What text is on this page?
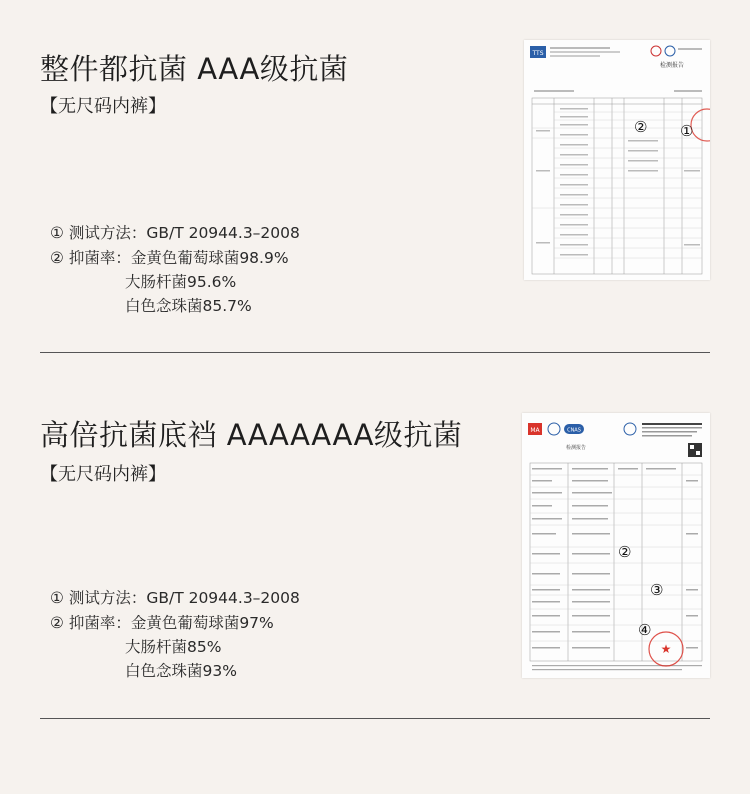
整件都抗菌 AAA级抗菌
【无尺码内裤】
① 测试方法：GB/T 20944.3–2008
② 抑菌率：金黄色葡萄球菌98.9%
大肠杆菌95.6%
白色念珠菌85.7%
TTS
检测报告
② ①
高倍抗菌底裆 AAAAAAA级抗菌
【无尺码内裤】
① 测试方法：GB/T 20944.3–2008
② 抑菌率：金黄色葡萄球菌97%
大肠杆菌85%
白色念珠菌93%
MA	CNAS
检测报告
★
②
③
④
